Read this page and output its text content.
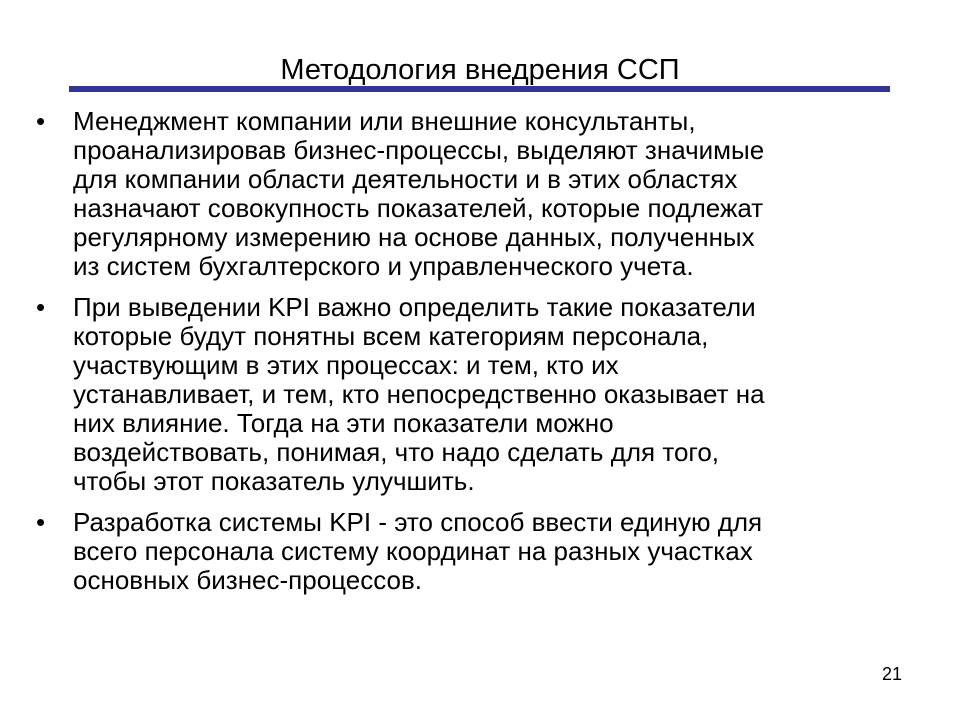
Методология внедрения ССП
•	Менеджмент компании или внешние консультанты,
проанализировав бизнес-процессы, выделяют значимые
для компании области деятельности и в этих областях
назначают совокупность показателей, которые подлежат
регулярному измерению на основе данных, полученных
из систем бухгалтерского и управленческого учета.
•	При выведении KPI важно определить такие показатели
которые будут понятны всем категориям персонала,
участвующим в этих процессах: и тем, кто их
устанавливает, и тем, кто непосредственно оказывает на
них влияние. Тогда на эти показатели можно
воздействовать, понимая, что надо сделать для того,
чтобы этот показатель улучшить.
•	Разработка системы KPI - это способ ввести единую для
всего персонала систему координат на разных участках
основных бизнес-процессов.
21
